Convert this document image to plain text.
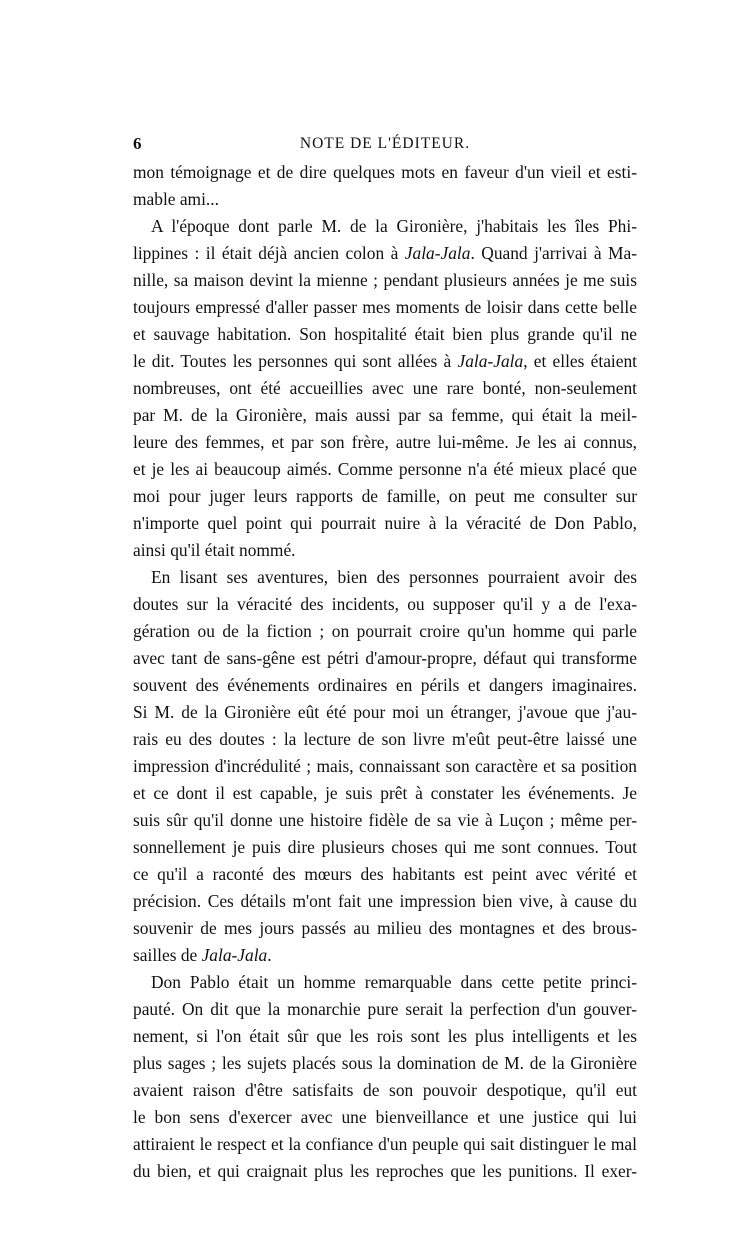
6	NOTE DE L'ÉDITEUR.
mon témoignage et de dire quelques mots en faveur d'un vieil et esti-
mable ami...
A l'époque dont parle M. de la Gironière, j'habitais les îles Phi-
lippines : il était déjà ancien colon à Jala-Jala. Quand j'arrivai à Ma-
nille, sa maison devint la mienne ; pendant plusieurs années je me suis
toujours empressé d'aller passer mes moments de loisir dans cette belle
et sauvage habitation. Son hospitalité était bien plus grande qu'il ne
le dit. Toutes les personnes qui sont allées à Jala-Jala, et elles étaient
nombreuses, ont été accueillies avec une rare bonté, non-seulement
par M. de la Gironière, mais aussi par sa femme, qui était la meil-
leure des femmes, et par son frère, autre lui-même. Je les ai connus,
et je les ai beaucoup aimés. Comme personne n'a été mieux placé que
moi pour juger leurs rapports de famille, on peut me consulter sur
n'importe quel point qui pourrait nuire à la véracité de Don Pablo,
ainsi qu'il était nommé.
En lisant ses aventures, bien des personnes pourraient avoir des
doutes sur la véracité des incidents, ou supposer qu'il y a de l'exa-
gération ou de la fiction ; on pourrait croire qu'un homme qui parle
avec tant de sans-gêne est pétri d'amour-propre, défaut qui transforme
souvent des événements ordinaires en périls et dangers imaginaires.
Si M. de la Gironière eût été pour moi un étranger, j'avoue que j'au-
rais eu des doutes : la lecture de son livre m'eût peut-être laissé une
impression d'incrédulité ; mais, connaissant son caractère et sa position
et ce dont il est capable, je suis prêt à constater les événements. Je
suis sûr qu'il donne une histoire fidèle de sa vie à Luçon ; même per-
sonnellement je puis dire plusieurs choses qui me sont connues. Tout
ce qu'il a raconté des mœurs des habitants est peint avec vérité et
précision. Ces détails m'ont fait une impression bien vive, à cause du
souvenir de mes jours passés au milieu des montagnes et des brous-
sailles de Jala-Jala.
Don Pablo était un homme remarquable dans cette petite princi-
pauté. On dit que la monarchie pure serait la perfection d'un gouver-
nement, si l'on était sûr que les rois sont les plus intelligents et les
plus sages ; les sujets placés sous la domination de M. de la Gironière
avaient raison d'être satisfaits de son pouvoir despotique, qu'il eut
le bon sens d'exercer avec une bienveillance et une justice qui lui
attiraient le respect et la confiance d'un peuple qui sait distinguer le mal
du bien, et qui craignait plus les reproches que les punitions. Il exer-
